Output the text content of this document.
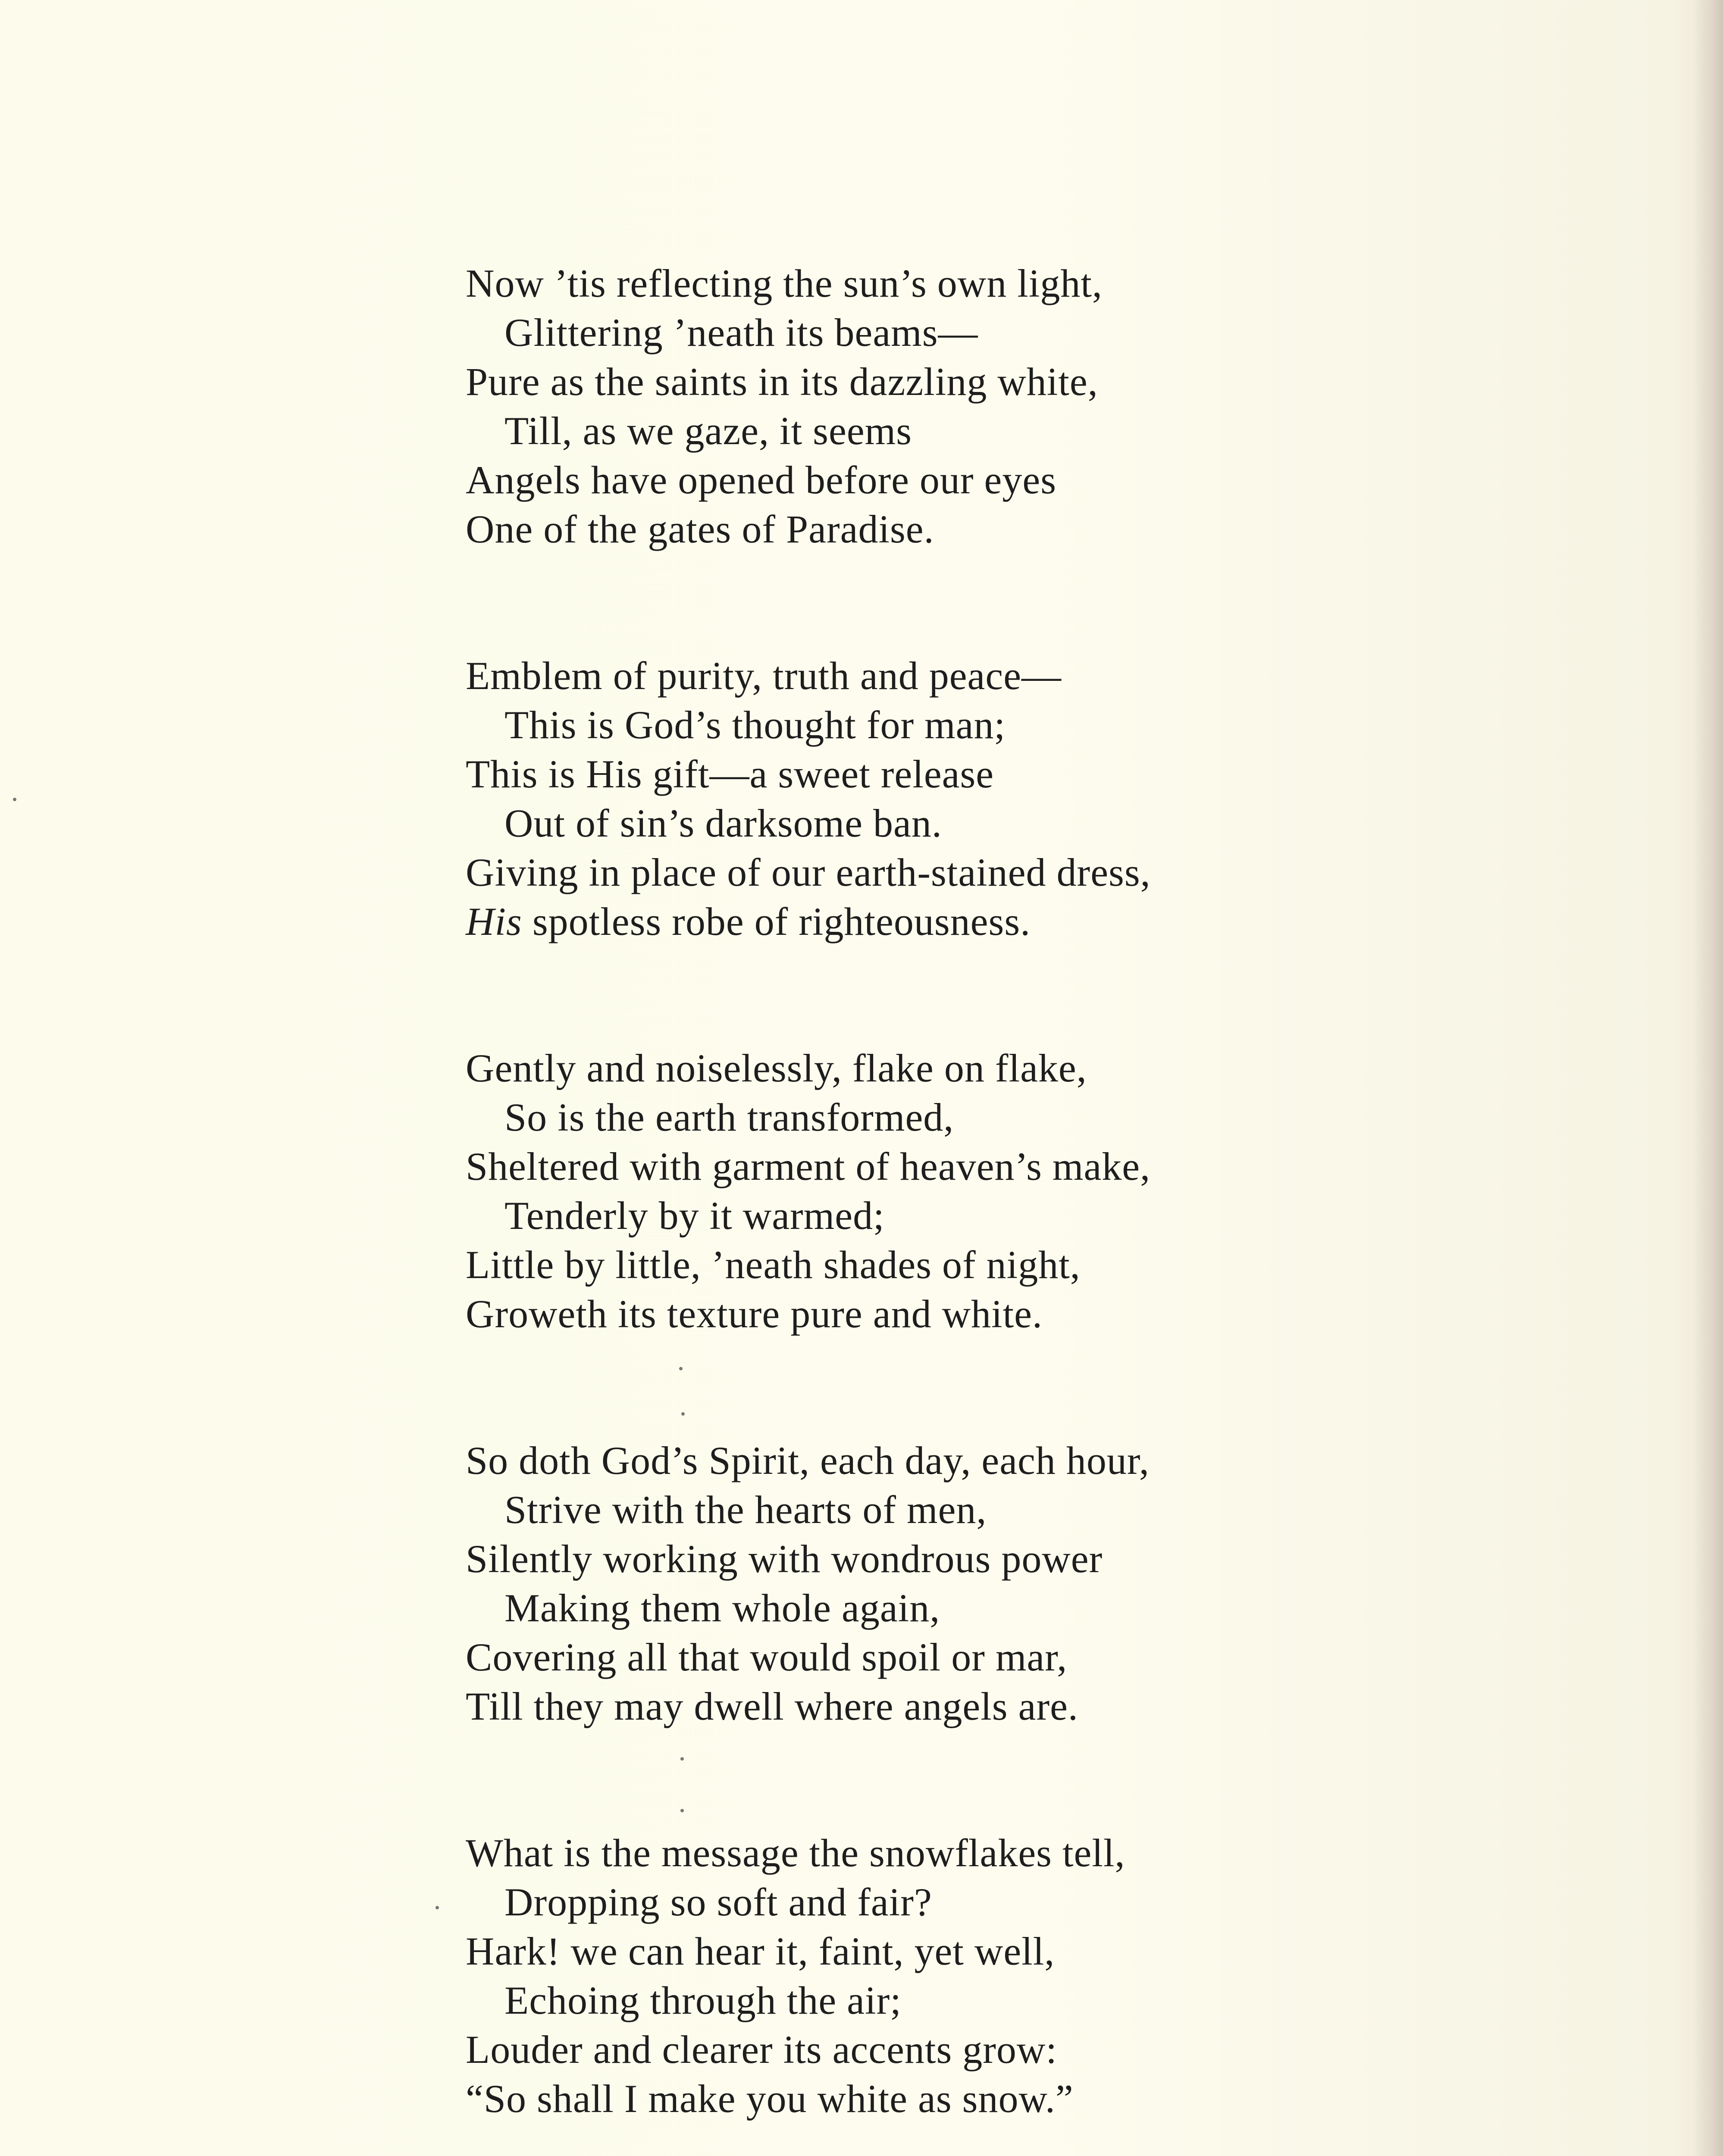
Now ’tis reflecting the sun’s own light,
Glittering ’neath its beams—
Pure as the saints in its dazzling white,
Till, as we gaze, it seems
Angels have opened before our eyes
One of the gates of Paradise.
Emblem of purity, truth and peace—
This is God’s thought for man;
This is His gift—a sweet release
Out of sin’s darksome ban.
Giving in place of our earth-stained dress,
His spotless robe of righteousness.
Gently and noiselessly, flake on flake,
So is the earth transformed,
Sheltered with garment of heaven’s make,
Tenderly by it warmed;
Little by little, ’neath shades of night,
Groweth its texture pure and white.
So doth God’s Spirit, each day, each hour,
Strive with the hearts of men,
Silently working with wondrous power
Making them whole again,
Covering all that would spoil or mar,
Till they may dwell where angels are.
What is the message the snowflakes tell,
Dropping so soft and fair?
Hark! we can hear it, faint, yet well,
Echoing through the air;
Louder and clearer its accents grow:
“So shall I make you white as snow.”
